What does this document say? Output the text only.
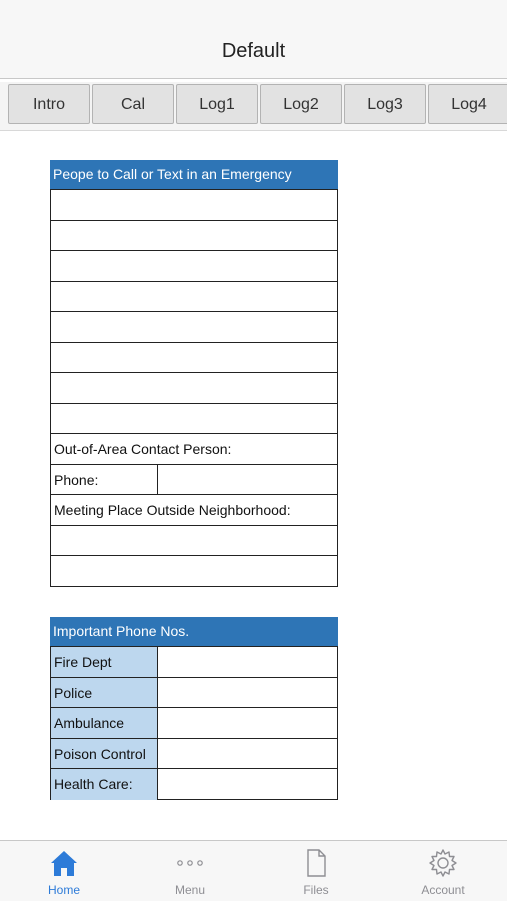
Default
Intro	Cal	Log1	Log2	Log3	Log4
Peope to Call or Text in an Emergency
Out-of-Area Contact Person:
Phone:
Meeting Place Outside Neighborhood:
Important Phone Nos.
Fire Dept
Police
Ambulance
Poison Control
Health Care:
Home	Menu	Files	Account
